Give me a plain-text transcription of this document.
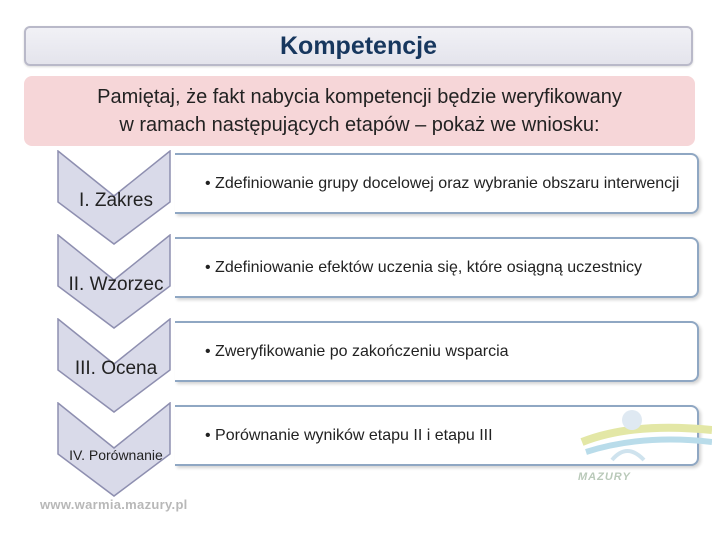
Kompetencje
Pamiętaj, że fakt nabycia kompetencji będzie weryfikowany
w ramach następujących etapów – pokaż we wniosku:
I. Zakres
• Zdefiniowanie grupy docelowej oraz wybranie obszaru interwencji
II. Wzorzec
• Zdefiniowanie efektów uczenia się, które osiągną uczestnicy
III. Ocena
• Zweryfikowanie po zakończeniu wsparcia
IV. Porównanie
• Porównanie wyników etapu II i etapu III
www.warmia.mazury.pl
MAZURY
